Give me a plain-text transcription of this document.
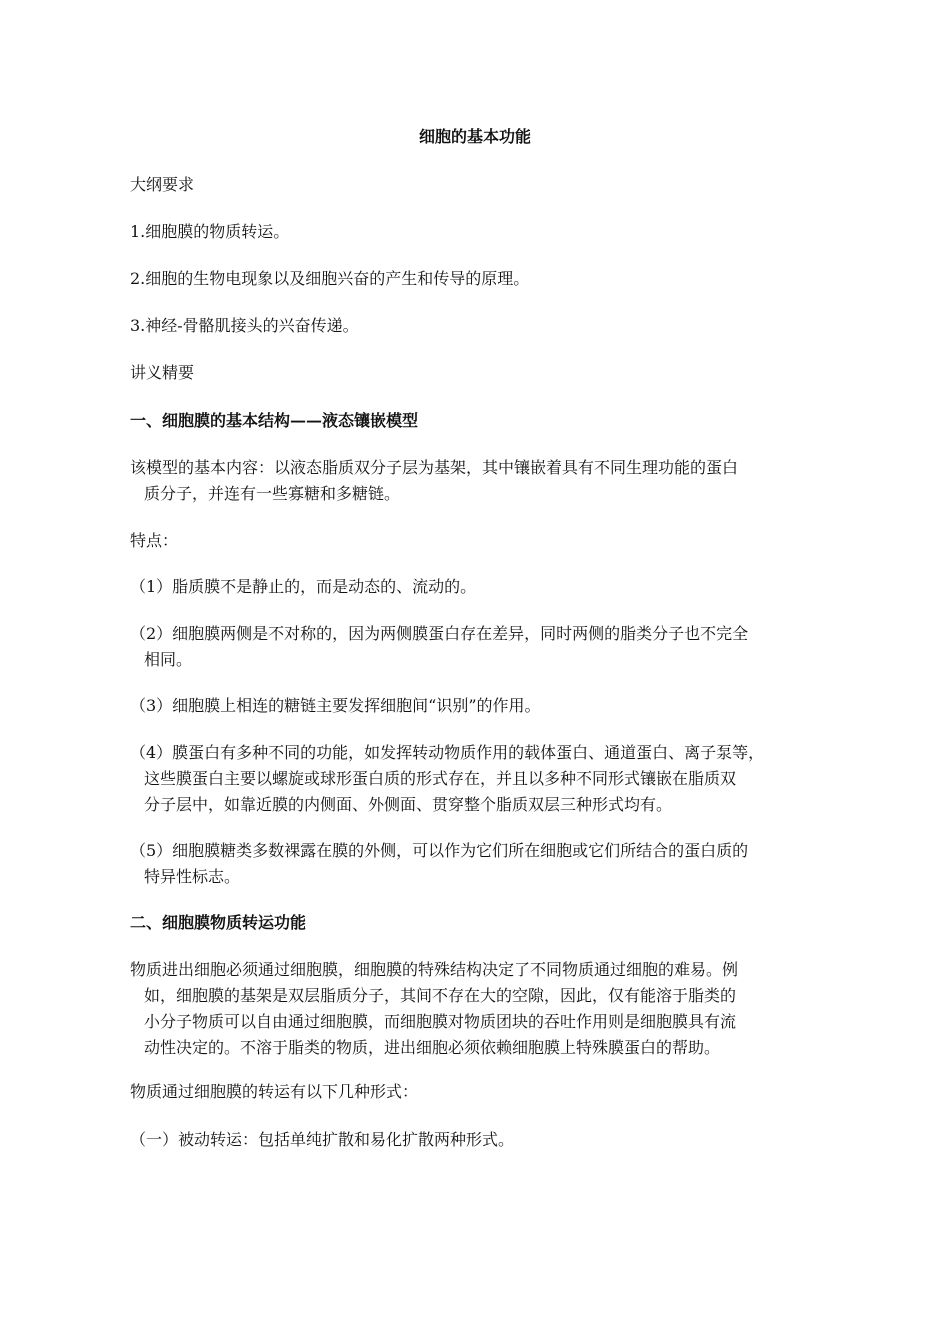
细胞的基本功能

大纲要求

1.细胞膜的物质转运。

2.细胞的生物电现象以及细胞兴奋的产生和传导的原理。

3.神经-骨骼肌接头的兴奋传递。

讲义精要

一、细胞膜的基本结构——液态镶嵌模型

该模型的基本内容：以液态脂质双分子层为基架，其中镶嵌着具有不同生理功能的蛋白
质分子，并连有一些寡糖和多糖链。

特点：

（1）脂质膜不是静止的，而是动态的、流动的。

（2）细胞膜两侧是不对称的，因为两侧膜蛋白存在差异，同时两侧的脂类分子也不完全
相同。

（3）细胞膜上相连的糖链主要发挥细胞间“识别”的作用。

（4）膜蛋白有多种不同的功能，如发挥转动物质作用的载体蛋白、通道蛋白、离子泵等，
这些膜蛋白主要以螺旋或球形蛋白质的形式存在，并且以多种不同形式镶嵌在脂质双
分子层中，如靠近膜的内侧面、外侧面、贯穿整个脂质双层三种形式均有。

（5）细胞膜糖类多数裸露在膜的外侧，可以作为它们所在细胞或它们所结合的蛋白质的
特异性标志。

二、细胞膜物质转运功能

物质进出细胞必须通过细胞膜，细胞膜的特殊结构决定了不同物质通过细胞的难易。例
如，细胞膜的基架是双层脂质分子，其间不存在大的空隙，因此，仅有能溶于脂类的
小分子物质可以自由通过细胞膜，而细胞膜对物质团块的吞吐作用则是细胞膜具有流
动性决定的。不溶于脂类的物质，进出细胞必须依赖细胞膜上特殊膜蛋白的帮助。

物质通过细胞膜的转运有以下几种形式：

（一）被动转运：包括单纯扩散和易化扩散两种形式。
